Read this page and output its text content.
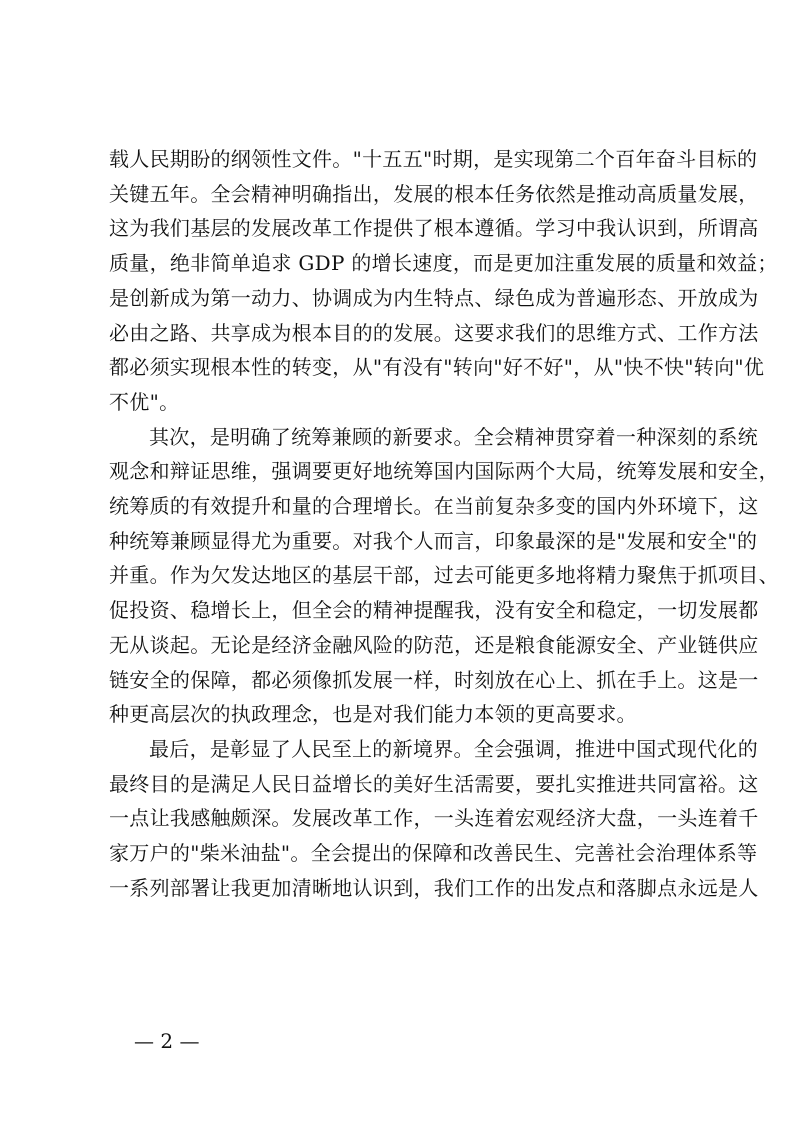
载人民期盼的纲领性文件。"十五五"时期，是实现第二个百年奋斗目标的
关键五年。全会精神明确指出，发展的根本任务依然是推动高质量发展，
这为我们基层的发展改革工作提供了根本遵循。学习中我认识到，所谓高
质量，绝非简单追求 GDP 的增长速度，而是更加注重发展的质量和效益；
是创新成为第一动力、协调成为内生特点、绿色成为普遍形态、开放成为
必由之路、共享成为根本目的的发展。这要求我们的思维方式、工作方法
都必须实现根本性的转变，从"有没有"转向"好不好"，从"快不快"转向"优
不优"。
其次，是明确了统筹兼顾的新要求。全会精神贯穿着一种深刻的系统
观念和辩证思维，强调要更好地统筹国内国际两个大局，统筹发展和安全，
统筹质的有效提升和量的合理增长。在当前复杂多变的国内外环境下，这
种统筹兼顾显得尤为重要。对我个人而言，印象最深的是"发展和安全"的
并重。作为欠发达地区的基层干部，过去可能更多地将精力聚焦于抓项目、
促投资、稳增长上，但全会的精神提醒我，没有安全和稳定，一切发展都
无从谈起。无论是经济金融风险的防范，还是粮食能源安全、产业链供应
链安全的保障，都必须像抓发展一样，时刻放在心上、抓在手上。这是一
种更高层次的执政理念，也是对我们能力本领的更高要求。
最后，是彰显了人民至上的新境界。全会强调，推进中国式现代化的
最终目的是满足人民日益增长的美好生活需要，要扎实推进共同富裕。这
一点让我感触颇深。发展改革工作，一头连着宏观经济大盘，一头连着千
家万户的"柴米油盐"。全会提出的保障和改善民生、完善社会治理体系等
一系列部署让我更加清晰地认识到，我们工作的出发点和落脚点永远是人
— 2 —
